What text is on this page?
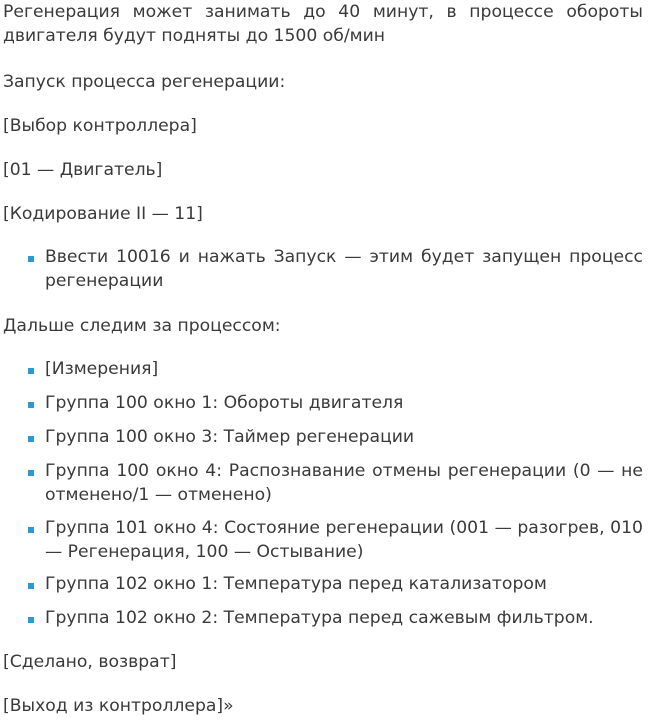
Регенерация может занимать до 40 минут, в процессе обороты двигателя будут подняты до 1500 об/мин
Запуск процесса регенерации:
[Выбор контроллера]
[01 — Двигатель]
[Кодирование II — 11]
Ввести 10016 и нажать Запуск — этим будет запущен процесс регенерации
Дальше следим за процессом:
[Измерения]
Группа 100 окно 1: Обороты двигателя
Группа 100 окно 3: Таймер регенерации
Группа 100 окно 4: Распознавание отмены регенерации (0 — не отменено/1 — отменено)
Группа 101 окно 4: Состояние регенерации (001 — разогрев, 010 — Регенерация, 100 — Остывание)
Группа 102 окно 1: Температура перед катализатором
Группа 102 окно 2: Температура перед сажевым фильтром.
[Сделано, возврат]
[Выход из контроллера]»
